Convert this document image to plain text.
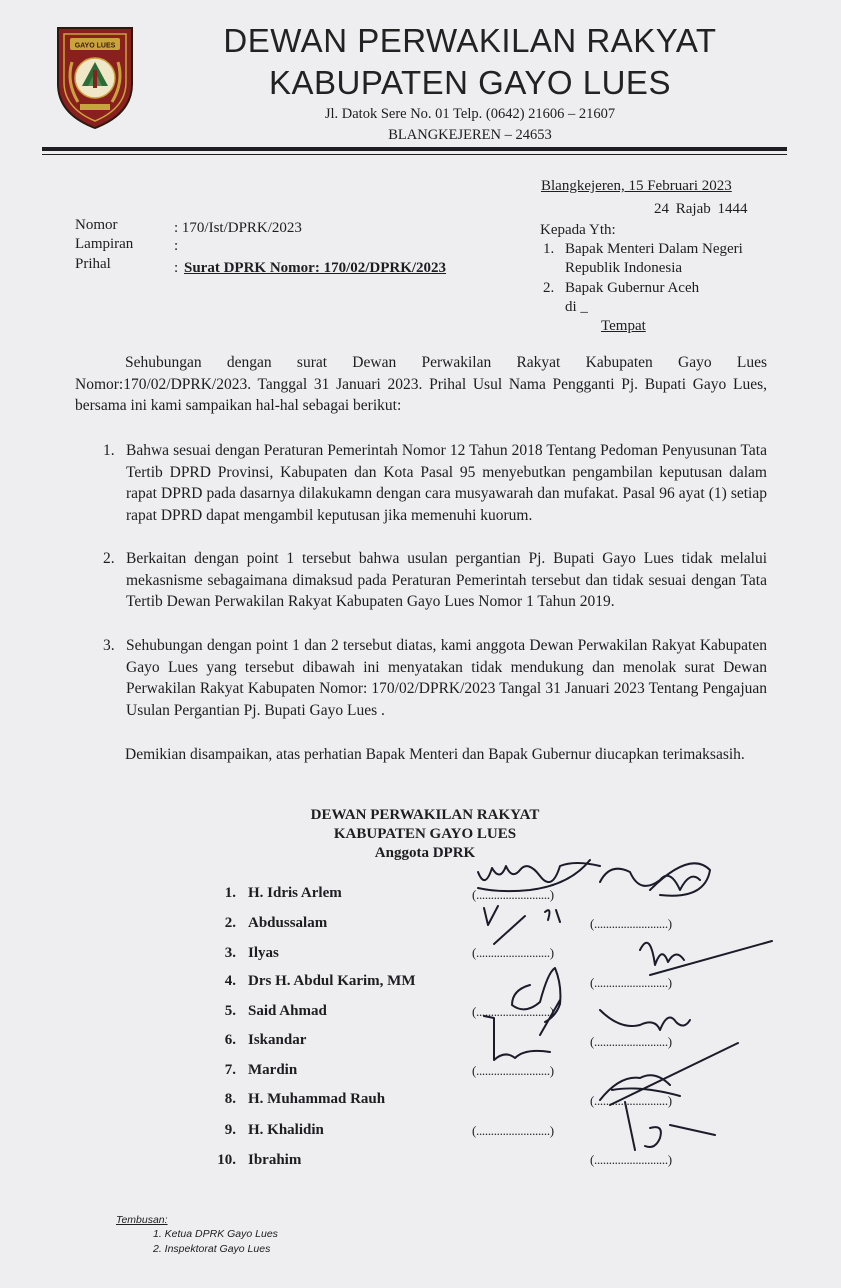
GAYO LUES	DEWAN PERWAKILAN RAKYAT
KABUPATEN GAYO LUES
Jl. Datok Sere No. 01 Telp. (0642) 21606 – 21607
BLANGKEJEREN – 24653
Blangkejeren, 15 Februari 2023
24 Rajab 1444
Nomor	: 170/Ist/DPRK/2023
Lampiran	:
Prihal	: Surat DPRK Nomor: 170/02/DPRK/2023
Kepada Yth:
1. Bapak Menteri Dalam Negeri
Republik Indonesia
2. Bapak Gubernur Aceh
di _
Tempat
Sehubungan dengan surat Dewan Perwakilan Rakyat Kabupaten Gayo Lues Nomor:170/02/DPRK/2023. Tanggal 31 Januari 2023. Prihal Usul Nama Pengganti Pj. Bupati Gayo Lues, bersama ini kami sampaikan hal-hal sebagai berikut:
1. Bahwa sesuai dengan Peraturan Pemerintah Nomor 12 Tahun 2018 Tentang Pedoman Penyusunan Tata Tertib DPRD Provinsi, Kabupaten dan Kota Pasal 95 menyebutkan pengambilan keputusan dalam rapat DPRD pada dasarnya dilakukamn dengan cara musyawarah dan mufakat. Pasal 96 ayat (1) setiap rapat DPRD dapat mengambil keputusan jika memenuhi kuorum.
2. Berkaitan dengan point 1 tersebut bahwa usulan pergantian Pj. Bupati Gayo Lues tidak melalui mekasnisme sebagaimana dimaksud pada Peraturan Pemerintah tersebut dan tidak sesuai dengan Tata Tertib Dewan Perwakilan Rakyat Kabupaten Gayo Lues Nomor 1 Tahun 2019.
3. Sehubungan dengan point 1 dan 2 tersebut diatas, kami anggota Dewan Perwakilan Rakyat Kabupaten Gayo Lues yang tersebut dibawah ini menyatakan tidak mendukung dan menolak surat Dewan Perwakilan Rakyat Kabupaten Nomor: 170/02/DPRK/2023 Tangal 31 Januari 2023 Tentang Pengajuan Usulan Pergantian Pj. Bupati Gayo Lues .
Demikian disampaikan, atas perhatian Bapak Menteri dan Bapak Gubernur diucapkan terimaksasih.
DEWAN PERWAKILAN RAKYAT
KABUPATEN GAYO LUES
Anggota DPRK
1. H. Idris Arlem	(.........................)
2. Abdussalam	(.........................)
3. Ilyas	(.........................)
4. Drs H. Abdul Karim, MM	(.........................)
5. Said Ahmad	(.........................)
6. Iskandar	(.........................)
7. Mardin	(.........................)
8. H. Muhammad Rauh	(.........................)
9. H. Khalidin	(.........................)
10. Ibrahim	(.........................)
Tembusan:
1. Ketua DPRK Gayo Lues
2. Inspektorat Gayo Lues
